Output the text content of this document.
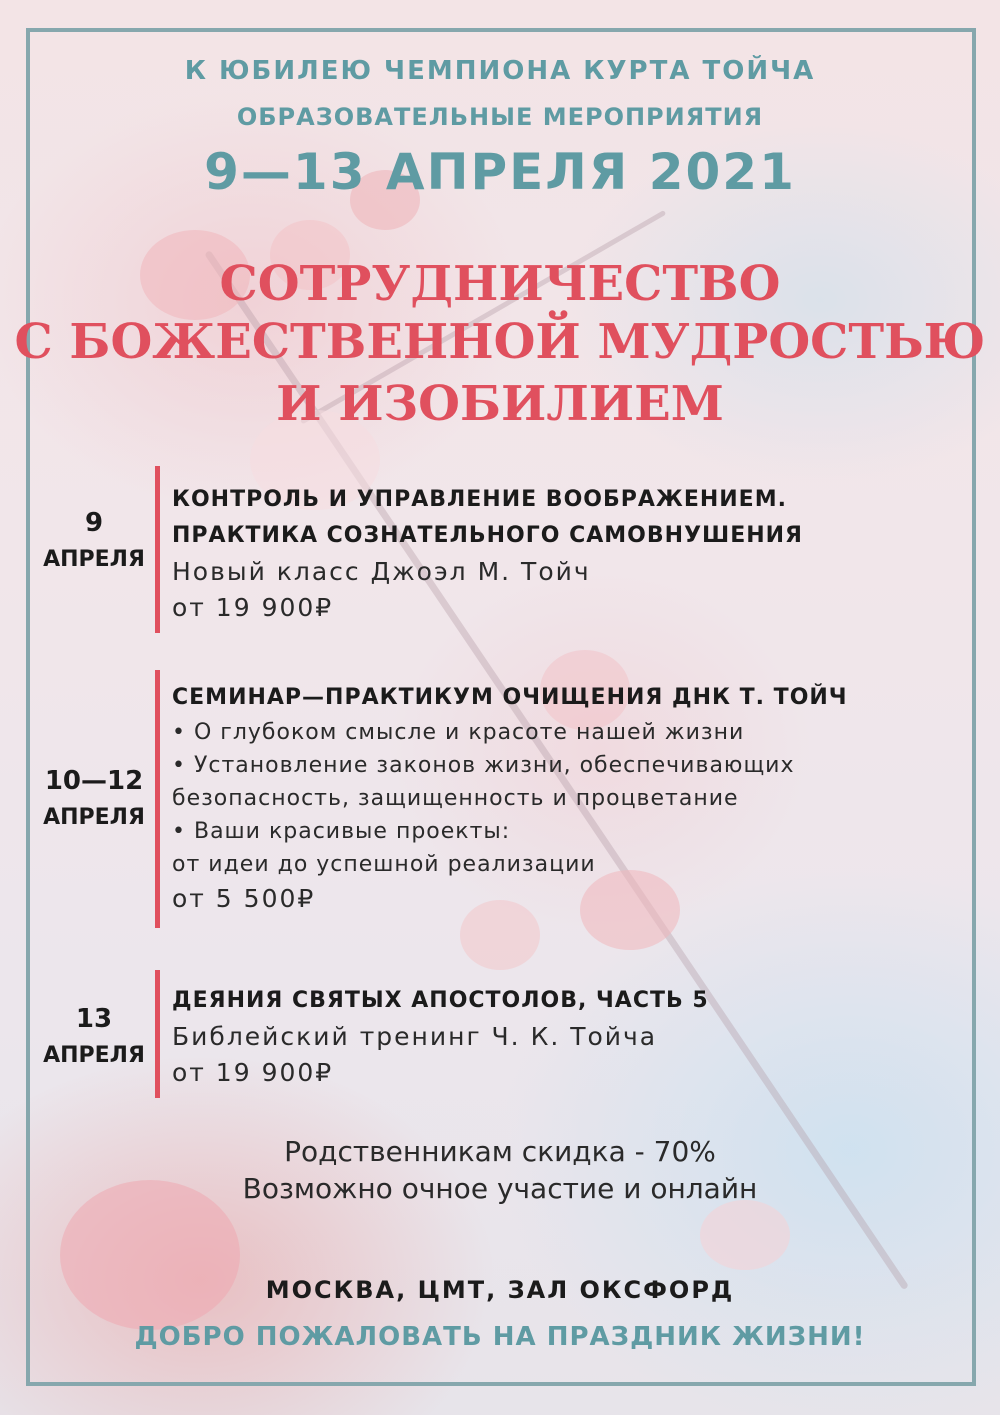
К ЮБИЛЕЮ ЧЕМПИОНА КУРТА ТОЙЧА
ОБРАЗОВАТЕЛЬНЫЕ МЕРОПРИЯТИЯ
9—13 АПРЕЛЯ 2021
СОТРУДНИЧЕСТВО
С БОЖЕСТВЕННОЙ МУДРОСТЬЮ
И ИЗОБИЛИЕМ
9
АПРЕЛЯ
КОНТРОЛЬ И УПРАВЛЕНИЕ ВООБРАЖЕНИЕМ.
ПРАКТИКА СОЗНАТЕЛЬНОГО САМОВНУШЕНИЯ
Новый класс Джоэл М. Тойч
от 19 900₽
10—12
АПРЕЛЯ
СЕМИНАР—ПРАКТИКУМ ОЧИЩЕНИЯ ДНК Т. ТОЙЧ
• О глубоком смысле и красоте нашей жизни
• Установление законов жизни, обеспечивающих
безопасность, защищенность и процветание
• Ваши красивые проекты:
от идеи до успешной реализации
от 5 500₽
13
АПРЕЛЯ
ДЕЯНИЯ СВЯТЫХ АПОСТОЛОВ, ЧАСТЬ 5
Библейский тренинг Ч. К. Тойча
от 19 900₽
Родственникам скидка - 70%
Возможно очное участие и онлайн
МОСКВА, ЦМТ, ЗАЛ ОКСФОРД
ДОБРО ПОЖАЛОВАТЬ НА ПРАЗДНИК ЖИЗНИ!
